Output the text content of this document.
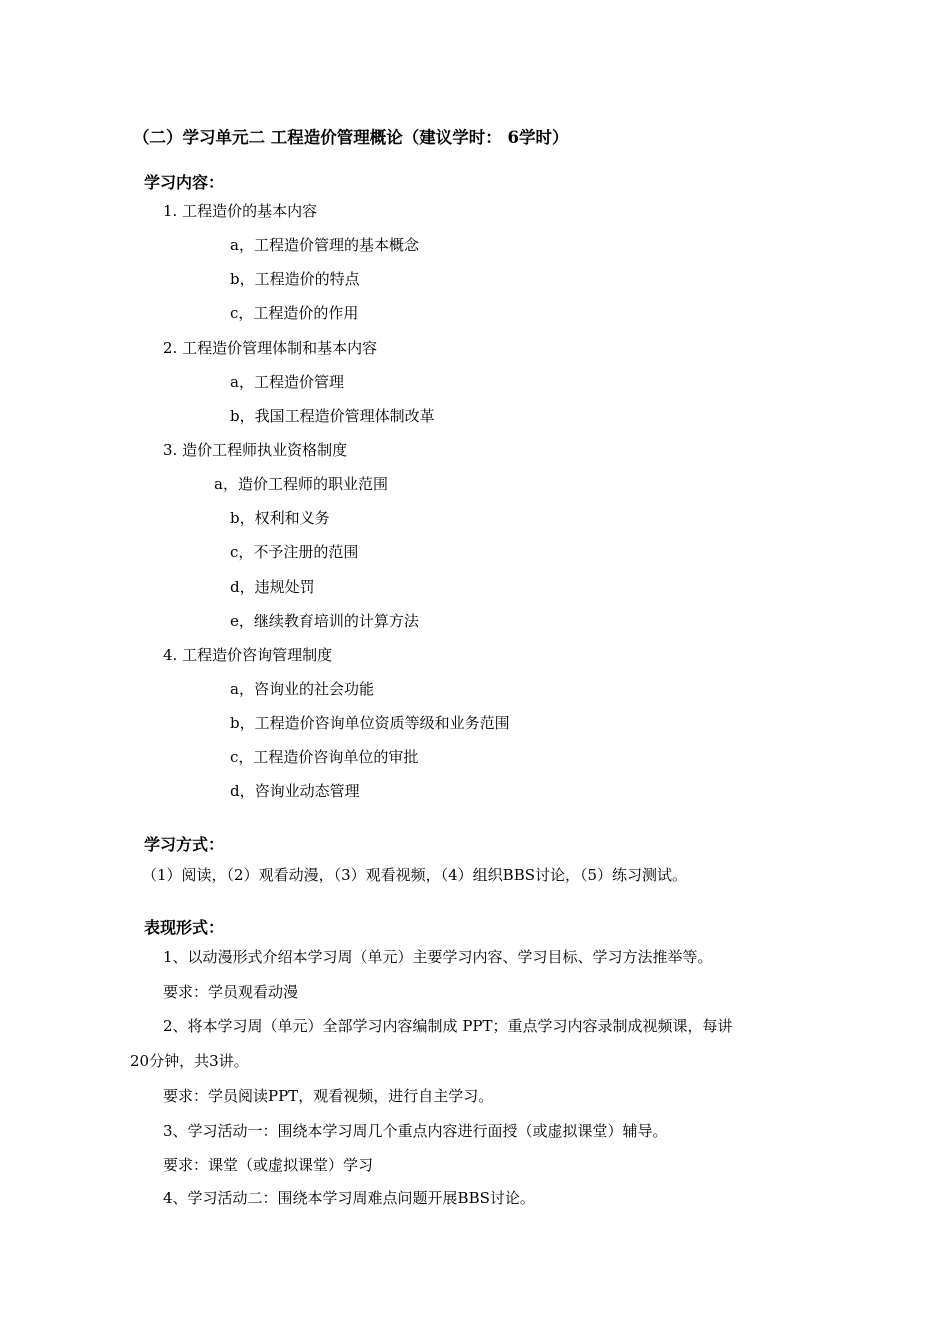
（二）学习单元二 工程造价管理概论（建议学时： 6学时）
学习内容：
1. 工程造价的基本内容
a，工程造价管理的基本概念
b，工程造价的特点
c，工程造价的作用
2. 工程造价管理体制和基本内容
a，工程造价管理
b，我国工程造价管理体制改革
3. 造价工程师执业资格制度
a，造价工程师的职业范围
b，权利和义务
c，不予注册的范围
d，违规处罚
e，继续教育培训的计算方法
4. 工程造价咨询管理制度
a，咨询业的社会功能
b，工程造价咨询单位资质等级和业务范围
c，工程造价咨询单位的审批
d，咨询业动态管理
学习方式：
（1）阅读，（2）观看动漫，（3）观看视频，（4）组织BBS讨论，（5）练习测试。
表现形式：
1、以动漫形式介绍本学习周（单元）主要学习内容、学习目标、学习方法推举等。
要求：学员观看动漫
2、将本学习周（单元）全部学习内容编制成 PPT；重点学习内容录制成视频课，每讲
20分钟，共3讲。
要求：学员阅读PPT，观看视频，进行自主学习。
3、学习活动一：围绕本学习周几个重点内容进行面授（或虚拟课堂）辅导。
要求：课堂（或虚拟课堂）学习
4、学习活动二：围绕本学习周难点问题开展BBS讨论。
